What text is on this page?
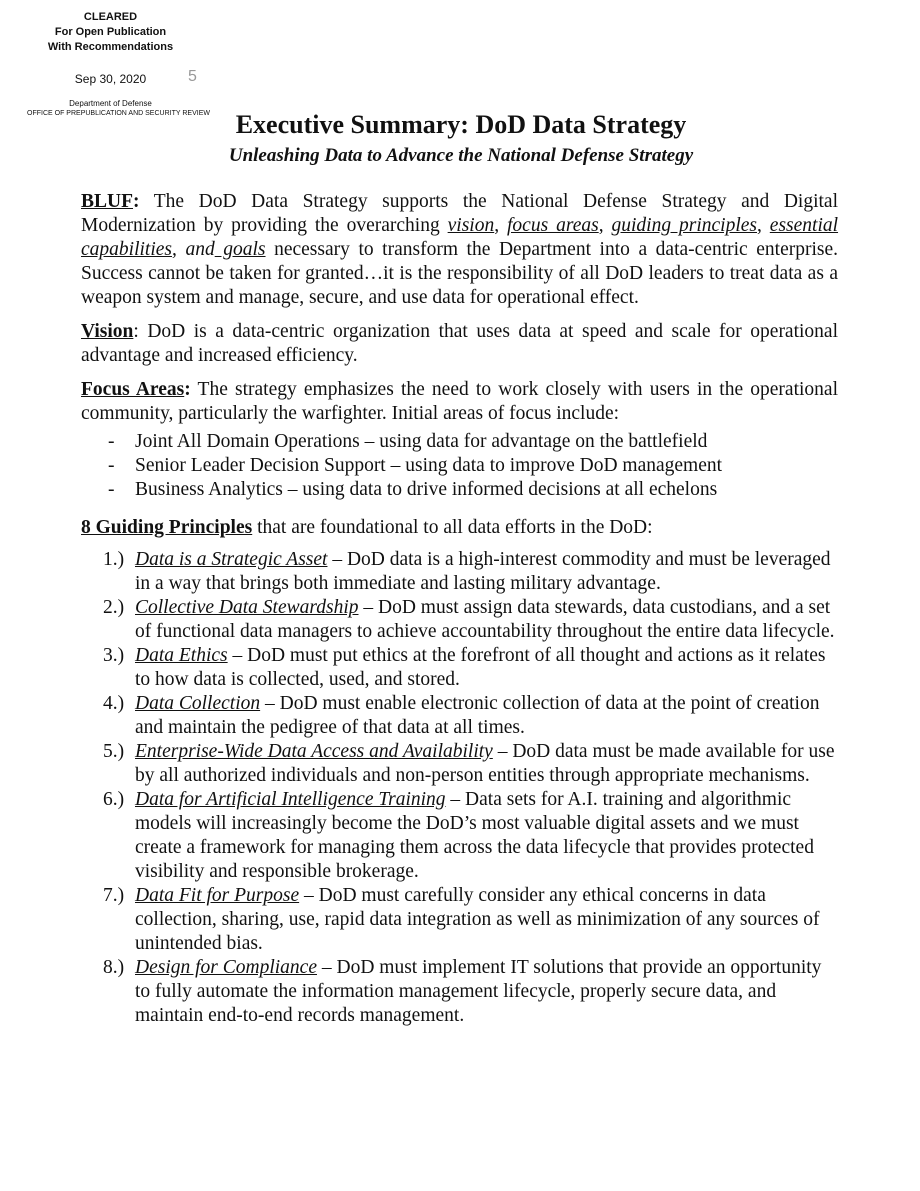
CLEARED
For Open Publication
With Recommendations
Sep 30, 2020	5
Department of Defense
OFFICE OF PREPUBLICATION AND SECURITY REVIEW Executive Summary: DoD Data Strategy
Unleashing Data to Advance the National Defense Strategy

BLUF: The DoD Data Strategy supports the National Defense Strategy and Digital Modernization by providing the overarching vision, focus areas, guiding principles, essential capabilities, and goals necessary to transform the Department into a data-centric enterprise. Success cannot be taken for granted…it is the responsibility of all DoD leaders to treat data as a weapon system and manage, secure, and use data for operational effect.

Vision: DoD is a data-centric organization that uses data at speed and scale for operational advantage and increased efficiency.

Focus Areas: The strategy emphasizes the need to work closely with users in the operational community, particularly the warfighter. Initial areas of focus include:

- Joint All Domain Operations – using data for advantage on the battlefield
- Senior Leader Decision Support – using data to improve DoD management
- Business Analytics – using data to drive informed decisions at all echelons

8 Guiding Principles that are foundational to all data efforts in the DoD:

1.) Data is a Strategic Asset – DoD data is a high-interest commodity and must be leveraged in a way that brings both immediate and lasting military advantage.
2.) Collective Data Stewardship – DoD must assign data stewards, data custodians, and a set of functional data managers to achieve accountability throughout the entire data lifecycle.
3.) Data Ethics – DoD must put ethics at the forefront of all thought and actions as it relates to how data is collected, used, and stored.
4.) Data Collection – DoD must enable electronic collection of data at the point of creation and maintain the pedigree of that data at all times.
5.) Enterprise-Wide Data Access and Availability – DoD data must be made available for use by all authorized individuals and non-person entities through appropriate mechanisms.
6.) Data for Artificial Intelligence Training – Data sets for A.I. training and algorithmic models will increasingly become the DoD’s most valuable digital assets and we must create a framework for managing them across the data lifecycle that provides protected visibility and responsible brokerage.
7.) Data Fit for Purpose – DoD must carefully consider any ethical concerns in data collection, sharing, use, rapid data integration as well as minimization of any sources of unintended bias.
8.) Design for Compliance – DoD must implement IT solutions that provide an opportunity to fully automate the information management lifecycle, properly secure data, and maintain end-to-end records management.
